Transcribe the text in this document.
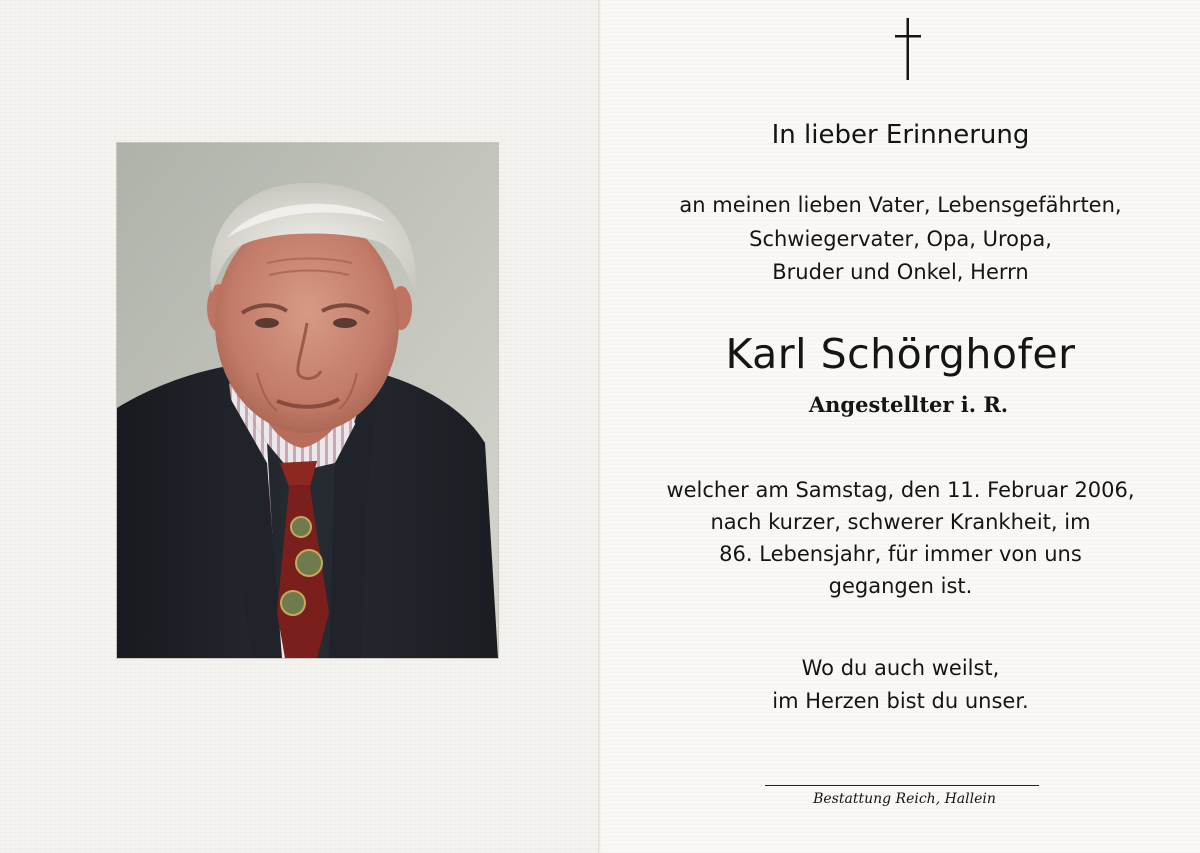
In lieber Erinnerung
an meinen lieben Vater, Lebensgefährten,
Schwiegervater, Opa, Uropa,
Bruder und Onkel, Herrn
Karl Schörghofer
Angestellter i. R.
welcher am Samstag, den 11. Februar 2006,
nach kurzer, schwerer Krankheit, im
86. Lebensjahr, für immer von uns
gegangen ist.
Wo du auch weilst,
im Herzen bist du unser.
Bestattung Reich, Hallein
